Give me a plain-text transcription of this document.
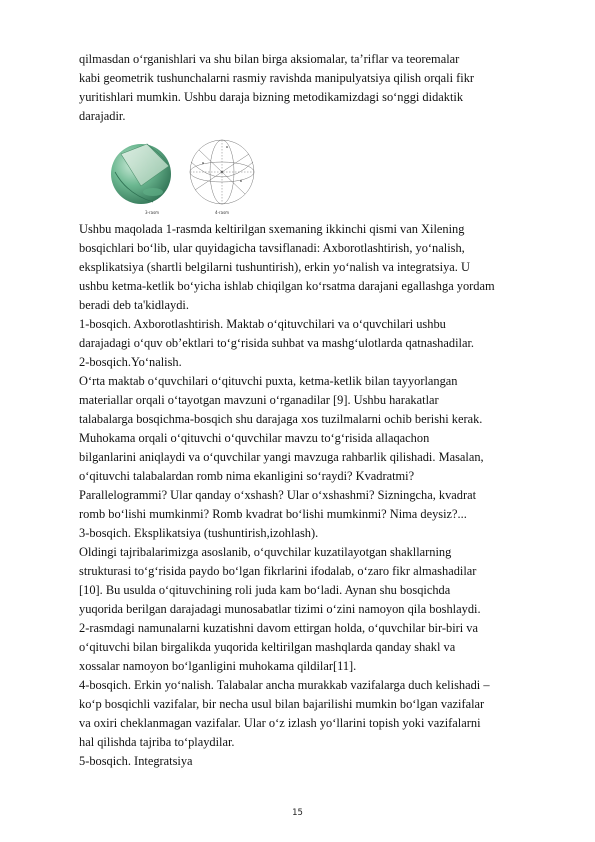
qilmasdan o‘rganishlari va shu bilan birga aksiomalar, ta’riflar va teoremalar
kabi geometrik tushunchalarni rasmiy ravishda manipulyatsiya qilish orqali fikr
yuritishlari mumkin. Ushbu daraja bizning metodikamizdagi so‘nggi didaktik
darajadir.
3-rasm	4-rasm
Ushbu maqolada 1-rasmda keltirilgan sxemaning ikkinchi qismi van Xilening
bosqichlari bo‘lib, ular quyidagicha tavsiflanadi: Axborotlashtirish, yo‘nalish,
eksplikatsiya (shartli belgilarni tushuntirish), erkin yo‘nalish va integratsiya. U
ushbu ketma-ketlik bo‘yicha ishlab chiqilgan ko‘rsatma darajani egallashga yordam
beradi deb ta'kidlaydi.
1-bosqich. Axborotlashtirish. Maktab o‘qituvchilari va o‘quvchilari ushbu
darajadagi o‘quv ob’ektlari to‘g‘risida suhbat va mashg‘ulotlarda qatnashadilar.
2-bosqich.Yo‘nalish.
O‘rta maktab o‘quvchilari o‘qituvchi puxta, ketma-ketlik bilan tayyorlangan
materiallar orqali o‘tayotgan mavzuni o‘rganadilar [9]. Ushbu harakatlar
talabalarga bosqichma-bosqich shu darajaga xos tuzilmalarni ochib berishi kerak.
Muhokama orqali o‘qituvchi o‘quvchilar mavzu to‘g‘risida allaqachon
bilganlarini aniqlaydi va o‘quvchilar yangi mavzuga rahbarlik qilishadi. Masalan,
o‘qituvchi talabalardan romb nima ekanligini so‘raydi? Kvadratmi?
Parallelogrammi? Ular qanday o‘xshash? Ular o‘xshashmi? Sizningcha, kvadrat
romb bo‘lishi mumkinmi? Romb kvadrat bo‘lishi mumkinmi? Nima deysiz?...
3-bosqich. Eksplikatsiya (tushuntirish,izohlash).
Oldingi tajribalarimizga asoslanib, o‘quvchilar kuzatilayotgan shakllarning
strukturasi to‘g‘risida paydo bo‘lgan fikrlarini ifodalab, o‘zaro fikr almashadilar
[10]. Bu usulda o‘qituvchining roli juda kam bo‘ladi. Aynan shu bosqichda
yuqorida berilgan darajadagi munosabatlar tizimi o‘zini namoyon qila boshlaydi.
2-rasmdagi namunalarni kuzatishni davom ettirgan holda, o‘quvchilar bir-biri va
o‘qituvchi bilan birgalikda yuqorida keltirilgan mashqlarda qanday shakl va
xossalar namoyon bo‘lganligini muhokama qildilar[11].
4-bosqich. Erkin yo‘nalish. Talabalar ancha murakkab vazifalarga duch kelishadi –
ko‘p bosqichli vazifalar, bir necha usul bilan bajarilishi mumkin bo‘lgan vazifalar
va oxiri cheklanmagan vazifalar. Ular o‘z izlash yo‘llarini topish yoki vazifalarni
hal qilishda tajriba to‘playdilar.
5-bosqich. Integratsiya
15
